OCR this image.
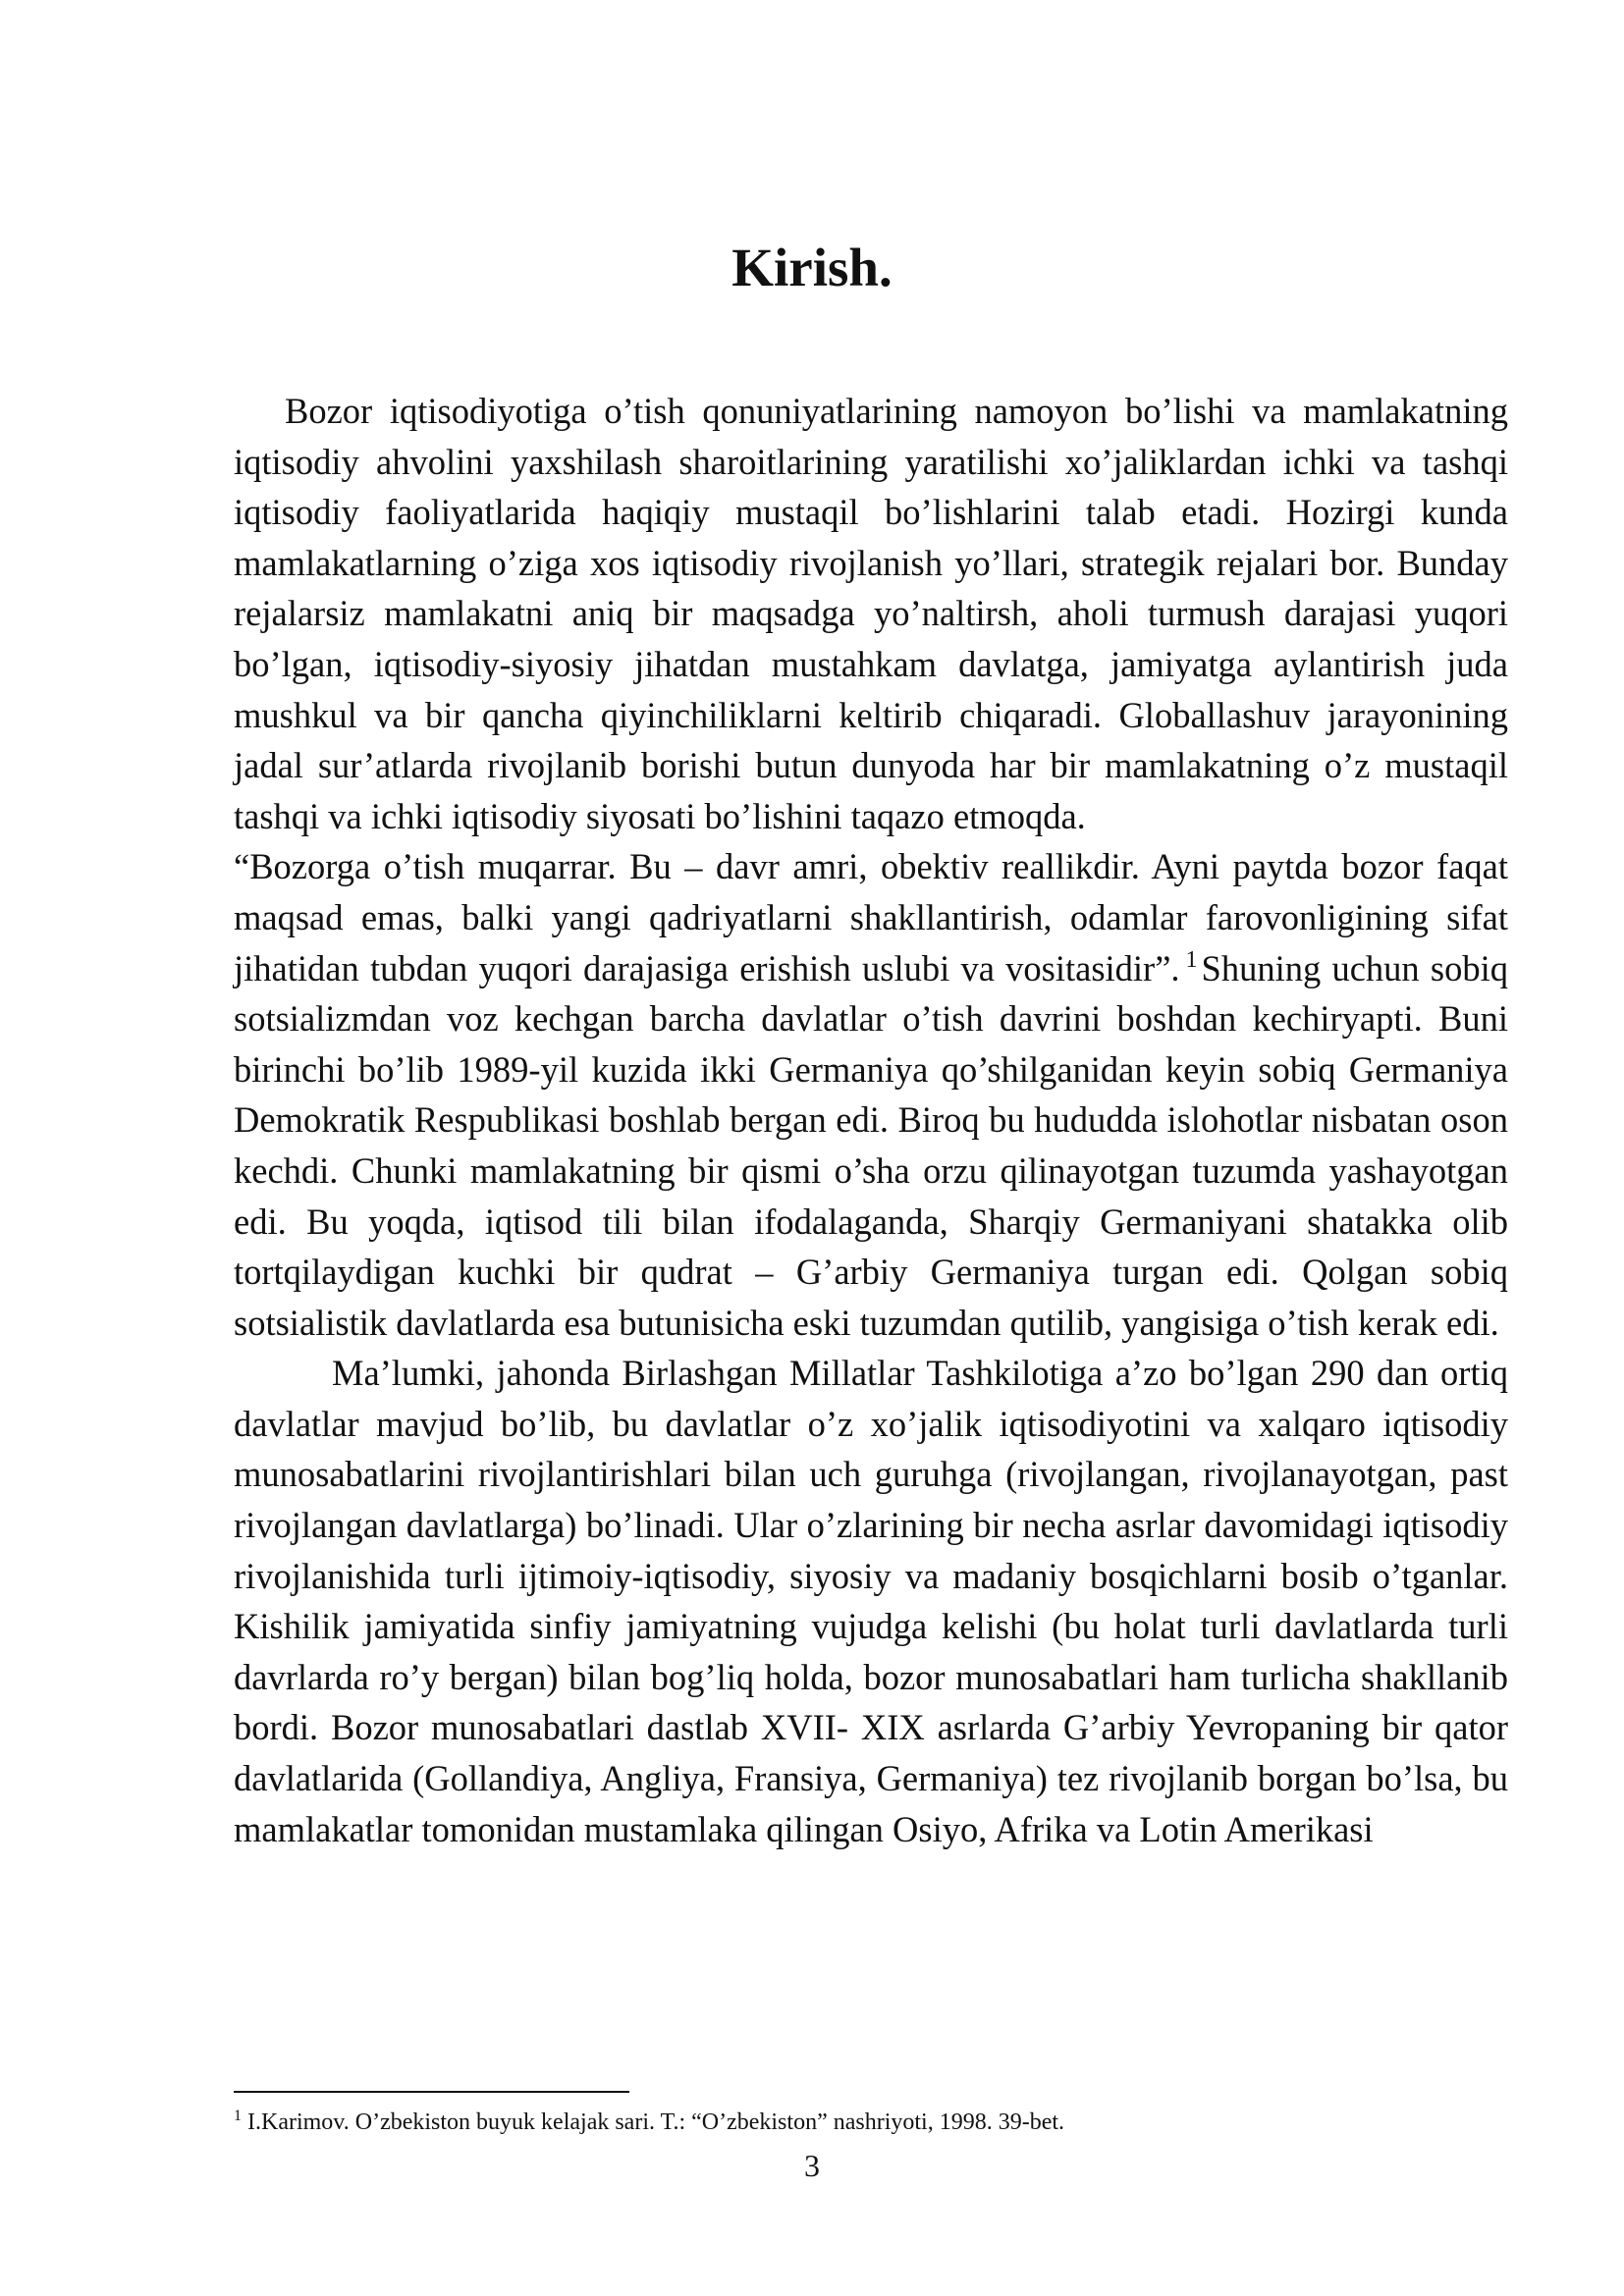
Kirish.

Bozor iqtisodiyotiga o’tish qonuniyatlarining namoyon bo’lishi va mamlakatning iqtisodiy ahvolini yaxshilash sharoitlarining yaratilishi xo’jaliklardan ichki va tashqi iqtisodiy faoliyatlarida haqiqiy mustaqil bo’lishlarini talab etadi. Hozirgi kunda mamlakatlarning o’ziga xos iqtisodiy rivojlanish yo’llari, strategik rejalari bor. Bunday rejalarsiz mamlakatni aniq bir maqsadga yo’naltirsh, aholi turmush darajasi yuqori bo’lgan, iqtisodiy-siyosiy jihatdan mustahkam davlatga, jamiyatga aylantirish juda mushkul va bir qancha qiyinchiliklarni keltirib chiqaradi. Globallashuv jarayonining jadal sur’atlarda rivojlanib borishi butun dunyoda har bir mamlakatning o’z mustaqil tashqi va ichki iqtisodiy siyosati bo’lishini taqazo etmoqda.

“Bozorga o’tish muqarrar. Bu – davr amri, obektiv reallikdir. Ayni paytda bozor faqat maqsad emas, balki yangi qadriyatlarni shakllantirish, odamlar farovonligining sifat jihatidan tubdan yuqori darajasiga erishish uslubi va vositasidir”. $^1$ Shuning uchun sobiq sotsializmdan voz kechgan barcha davlatlar o’tish davrini boshdan kechiryapti. Buni birinchi bo’lib 1989-yil kuzida ikki Germaniya qo’shilganidan keyin sobiq Germaniya Demokratik Respublikasi boshlab bergan edi. Biroq bu hududda islohotlar nisbatan oson kechdi. Chunki mamlakatning bir qismi o’sha orzu qilinayotgan tuzumda yashayotgan edi. Bu yoqda, iqtisod tili bilan ifodalaganda, Sharqiy Germaniyani shatakka olib tortqilaydigan kuchki bir qudrat – G’arbiy Germaniya turgan edi. Qolgan sobiq sotsialistik davlatlarda esa butunisicha eski tuzumdan qutilib, yangisiga o’tish kerak edi.

Ma’lumki, jahonda Birlashgan Millatlar Tashkilotiga a’zo bo’lgan 290 dan ortiq davlatlar mavjud bo’lib, bu davlatlar o’z xo’jalik iqtisodiyotini va xalqaro iqtisodiy munosabatlarini rivojlantirishlari bilan uch guruhga (rivojlangan, rivojlanayotgan, past rivojlangan davlatlarga) bo’linadi. Ular o’zlarining bir necha asrlar davomidagi iqtisodiy rivojlanishida turli ijtimoiy-iqtisodiy, siyosiy va madaniy bosqichlarni bosib o’tganlar. Kishilik jamiyatida sinfiy jamiyatning vujudga kelishi (bu holat turli davlatlarda turli davrlarda ro’y bergan) bilan bog’liq holda, bozor munosabatlari ham turlicha shakllanib bordi. Bozor munosabatlari dastlab XVII- XIX asrlarda G’arbiy Yevropaning bir qator davlatlarida (Gollandiya, Angliya, Fransiya, Germaniya) tez rivojlanib borgan bo’lsa, bu mamlakatlar tomonidan mustamlaka qilingan Osiyo, Afrika va Lotin Amerikasi

$^1$ I.Karimov. O’zbekiston buyuk kelajak sari. T.: “O’zbekiston” nashriyoti, 1998. 39-bet.

3
